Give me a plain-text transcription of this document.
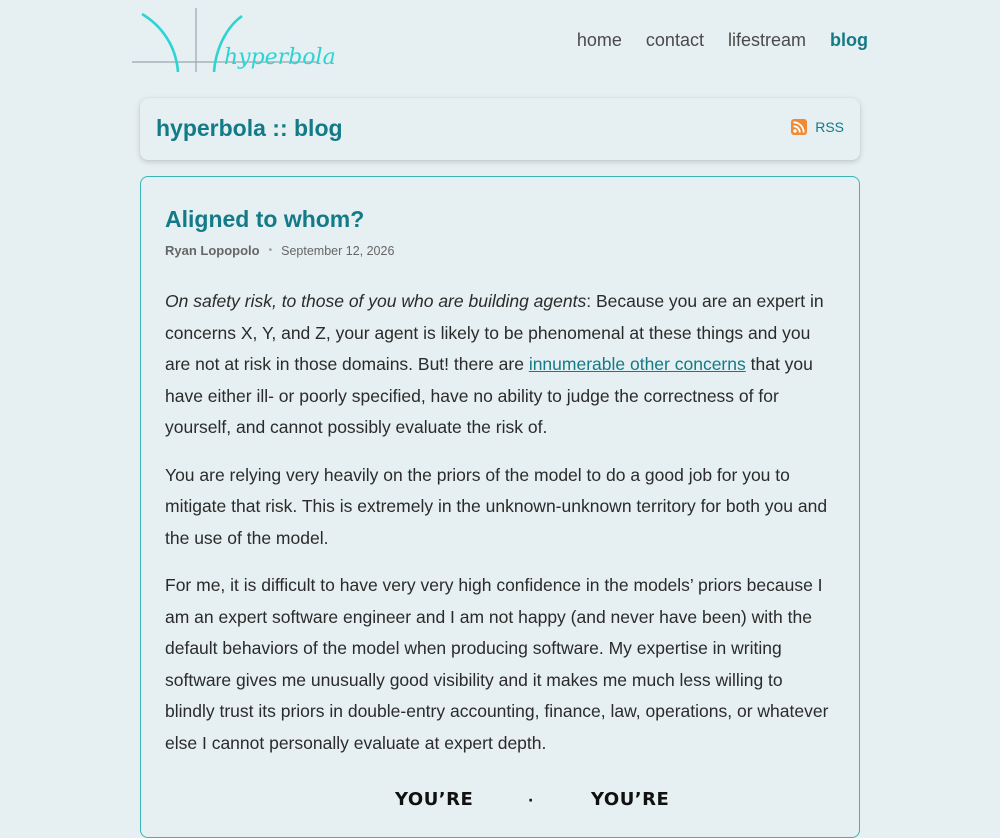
hyperbola
home contact lifestream blog
hyperbola :: blog	RSS
Aligned to whom?
Ryan Lopopolo • September 12, 2026

On safety risk, to those of you who are building agents: Because you are an expert in concerns X, Y, and Z, your agent is likely to be phenomenal at these things and you are not at risk in those domains. But! there are innumerable other concerns that you have either ill- or poorly specified, have no ability to judge the correctness of for yourself, and cannot possibly evaluate the risk of.

You are relying very heavily on the priors of the model to do a good job for you to mitigate that risk. This is extremely in the unknown-unknown territory for both you and the use of the model.

For me, it is difficult to have very very high confidence in the models’ priors because I am an expert software engineer and I am not happy (and never have been) with the default behaviors of the model when producing software. My expertise in writing software gives me unusually good visibility and it makes me much less willing to blindly trust its priors in double-entry accounting, finance, law, operations, or whatever else I cannot personally evaluate at expert depth.

YOU’RE	·	YOU’RE
